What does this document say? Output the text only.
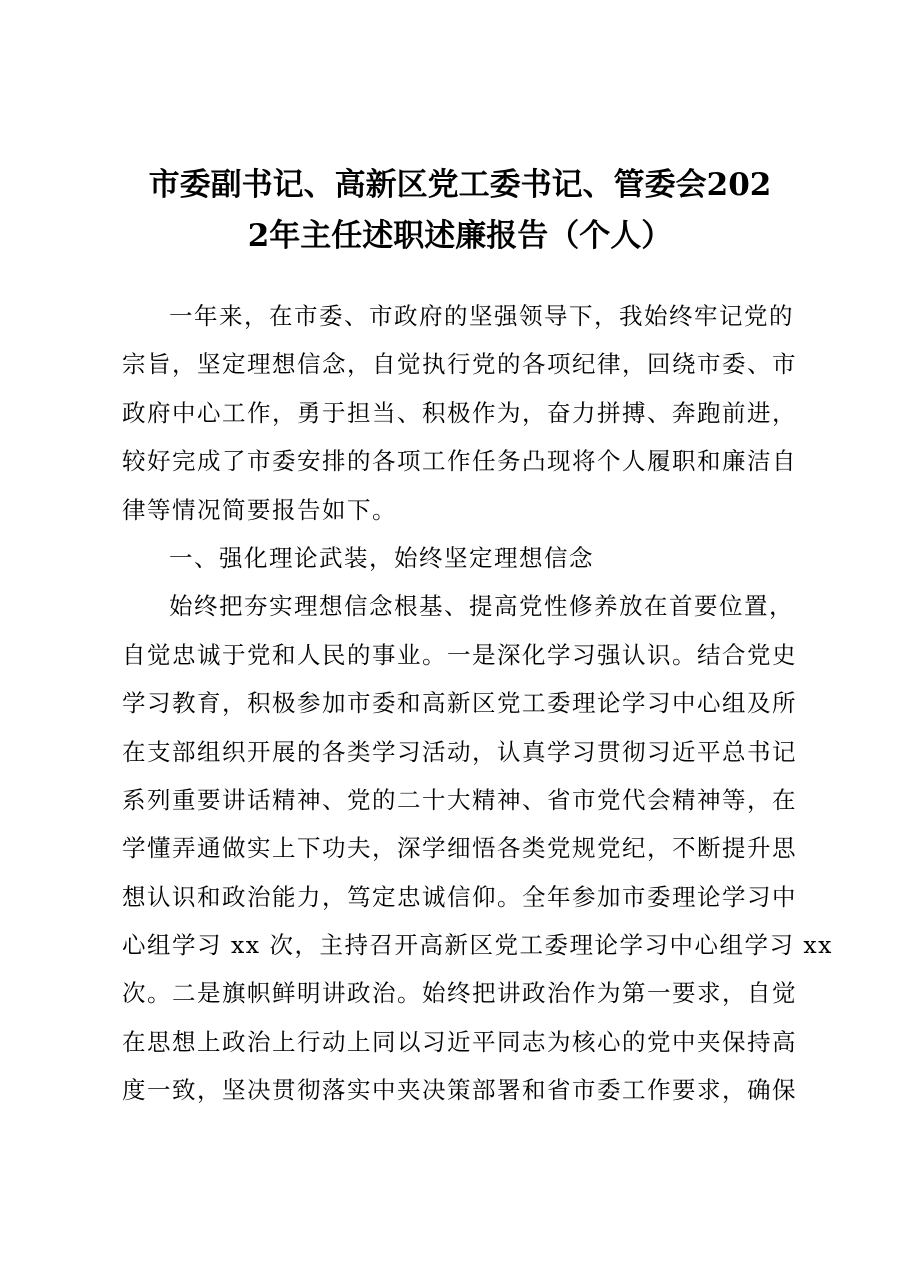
市委副书记、高新区党工委书记、管委会202
2年主任述职述廉报告（个人）
一年来，在市委、市政府的坚强领导下，我始终牢记党的
宗旨，坚定理想信念，自觉执行党的各项纪律，回绕市委、市
政府中心工作，勇于担当、积极作为，奋力拼搏、奔跑前进，
较好完成了市委安排的各项工作任务凸现将个人履职和廉洁自
律等情况简要报告如下。
一、强化理论武装，始终坚定理想信念
始终把夯实理想信念根基、提高党性修养放在首要位置，
自觉忠诚于党和人民的事业。一是深化学习强认识。结合党史
学习教育，积极参加市委和高新区党工委理论学习中心组及所
在支部组织开展的各类学习活动，认真学习贯彻习近平总书记
系列重要讲话精神、党的二十大精神、省市党代会精神等，在
学懂弄通做实上下功夫，深学细悟各类党规党纪，不断提升思
想认识和政治能力，笃定忠诚信仰。全年参加市委理论学习中
心组学习 xx 次，主持召开高新区党工委理论学习中心组学习 xx
次。二是旗帜鲜明讲政治。始终把讲政治作为第一要求，自觉
在思想上政治上行动上同以习近平同志为核心的党中夹保持高
度一致，坚决贯彻落实中夹决策部署和省市委工作要求，确保
